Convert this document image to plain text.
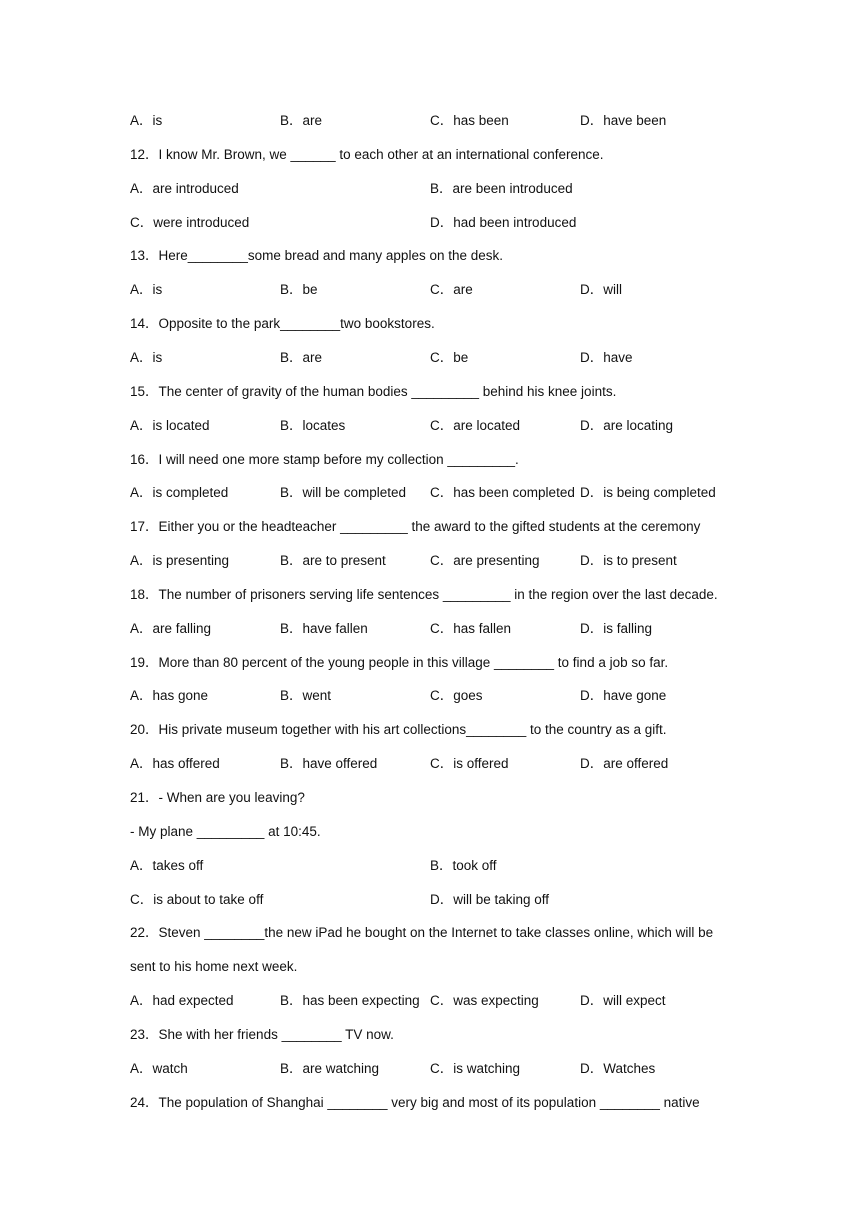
A．is	B．are	C．has been	D．have been
12．I know Mr. Brown, we ______ to each other at an international conference.
A．are introduced	B．are been introduced
C．were introduced	D．had been introduced
13．Here________some bread and many apples on the desk.
A．is	B．be	C．are	D．will
14．Opposite to the park________two bookstores.
A．is	B．are	C．be	D．have
15．The center of gravity of the human bodies _________ behind his knee joints.
A．is located	B．locates	C．are located	D．are locating
16．I will need one more stamp before my collection _________.
A．is completed	B．will be completed C．has been completed D．is being completed
17．Either you or the headteacher _________ the award to the gifted students at the ceremony
A．is presenting	B．are to present	C．are presenting	D．is to present
18．The number of prisoners serving life sentences _________ in the region over the last decade.
A．are falling	B．have fallen	C．has fallen	D．is falling
19．More than 80 percent of the young people in this village ________ to find a job so far.
A．has gone	B．went	C．goes	D．have gone
20．His private museum together with his art collections________ to the country as a gift.
A．has offered	B．have offered	C．is offered	D．are offered
21．- When are you leaving?
- My plane _________ at 10:45.
A．takes off	B．took off
C．is about to take off	D．will be taking off
22．Steven ________the new iPad he bought on the Internet to take classes online, which will be
sent to his home next week.
A．had expected	B．has been expecting C．was expecting	D．will expect
23．She with her friends ________ TV now.
A．watch	B．are watching	C．is watching	D．Watches
24．The population of Shanghai ________ very big and most of its population ________ native
